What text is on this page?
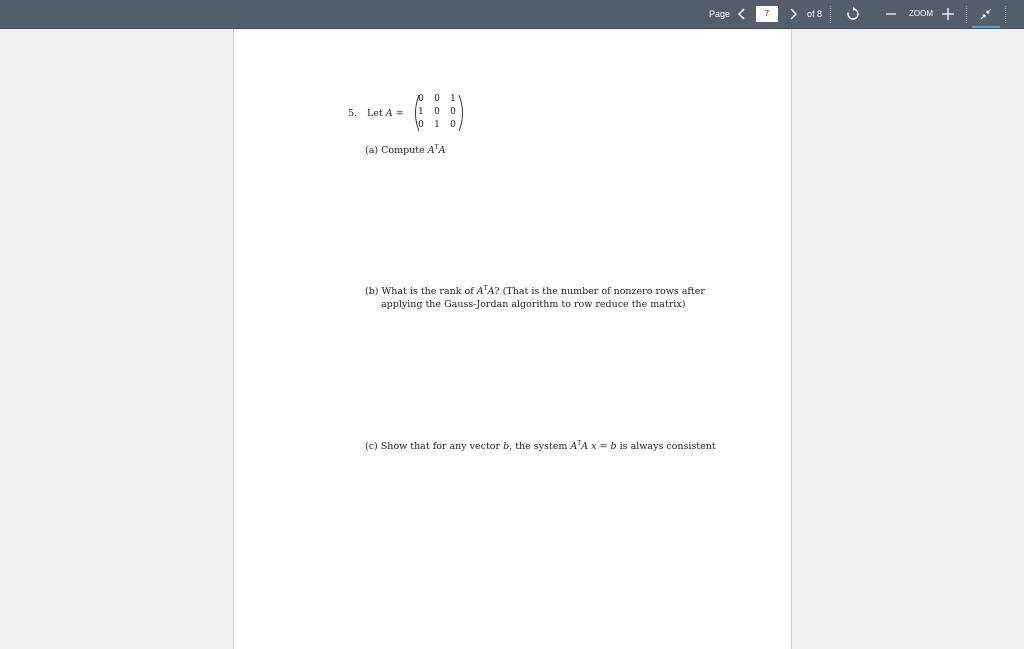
Page
7	of 8	ZOOM
5. Let A =
0	0	1
1	0	0
0	1	0
(a) Compute $A^TA$
(b) What is the rank of $A^TA$? (That is the number of nonzero rows after
applying the Gauss-Jordan algorithm to row reduce the matrix)
(c) Show that for any vector b, the system $A^TA$ x = b is always consistent
